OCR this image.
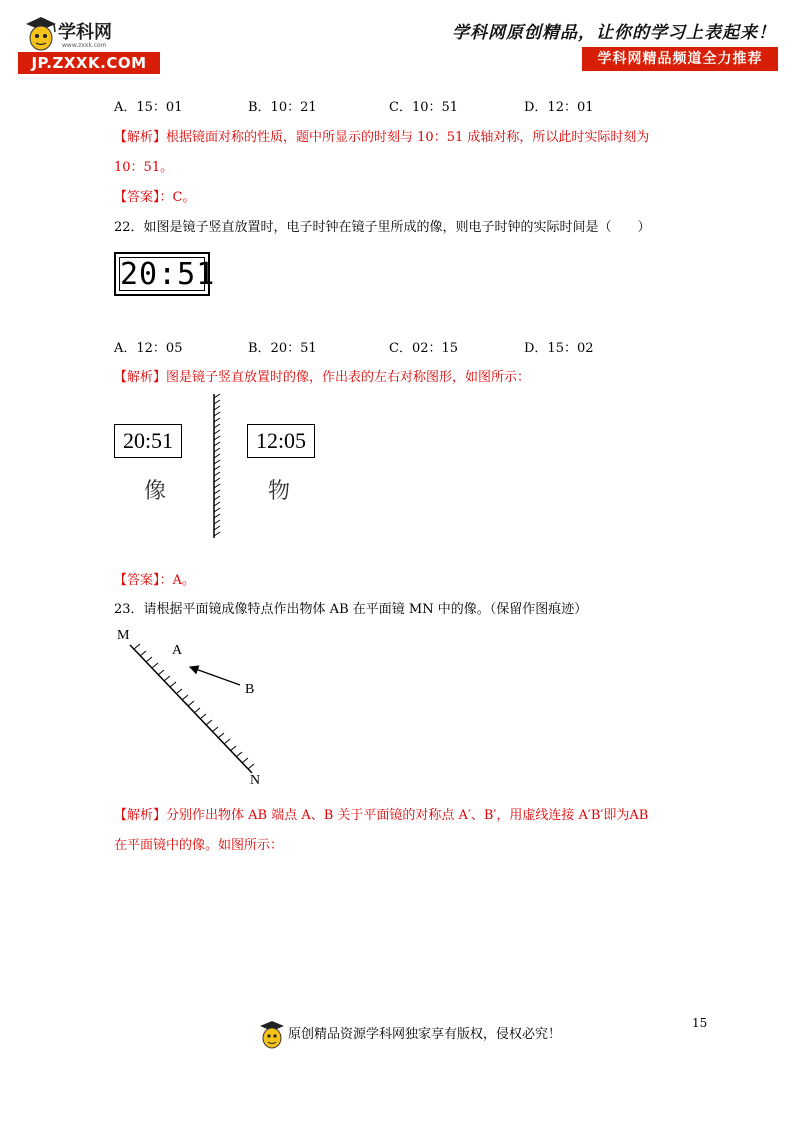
学科网
www.zxxk.com
JP.ZXXK.COM
学科网原创精品，让你的学习上表起来！
学科网精品频道全力推荐
A．15：01	B．10：21	C．10：51	D．12：01
【解析】根据镜面对称的性质，题中所显示的时刻与 10：51 成轴对称，所以此时实际时刻为
10：51。
【答案】：C。
22．如图是镜子竖直放置时，电子时钟在镜子里所成的像，则电子时钟的实际时间是（　　）
20:51
A．12：05	B．20：51	C．02：15	D．15：02
【解析】图是镜子竖直放置时的像，作出表的左右对称图形，如图所示：
20:51	12:05
像	物
【答案】：A。
23．请根据平面镜成像特点作出物体 AB 在平面镜 MN 中的像。（保留作图痕迹）
M
A
B
N
【解析】分别作出物体 AB 端点 A、B 关于平面镜的对称点 A′、B′，用虚线连接 A′B′即为AB
在平面镜中的像。如图所示：
15
原创精品资源学科网独家享有版权，侵权必究！
